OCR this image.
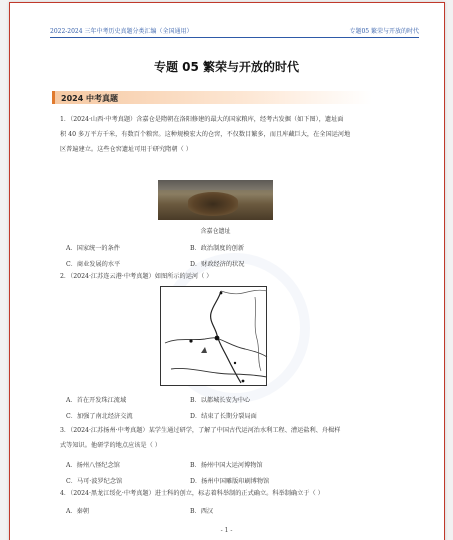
2022-2024 三年中考历史真题分类汇编（全国通用）	专题05 繁荣与开放的时代
专题 05 繁荣与开放的时代
2024 中考真题
1．（2024·山西·中考真题）含嘉仓是隋朝在洛阳修建的最大的国家粮库，经考古发掘（如下图），遗址面
积 40 多万平方千米，有数百个粮窖。这种规模宏大的仓窖，不仅数目繁多，而且库藏巨大，在全国运河地
区普遍建立。这些仓窖遗址可用于研究隋朝（ ）
含嘉仓遗址
A．国家统一的条件	B．政治制度的创新
C．商业发展的水平	D．财政经济的状况
2．（2024·江苏连云港·中考真题）如图所示的运河（ ）
A．首在开发珠江流域	B．以都城长安为中心
C．加强了南北经济交流	D．结束了长期分裂局面
3．（2024·江苏扬州·中考真题）某学生通过研学，了解了中国古代运河治水利工程、漕运盐利、舟楫样
式等知识。他研学的地点应该是（ ）
A．扬州八怪纪念馆	B．扬州中国大运河博物馆
C．马可·波罗纪念馆	D．扬州中国雕版印刷博物馆
4．（2024·黑龙江绥化·中考真题）进士科的创立，标志着科举制的正式确立。科举制确立于（ ）
A．秦朝	B．西汉
- 1 -
